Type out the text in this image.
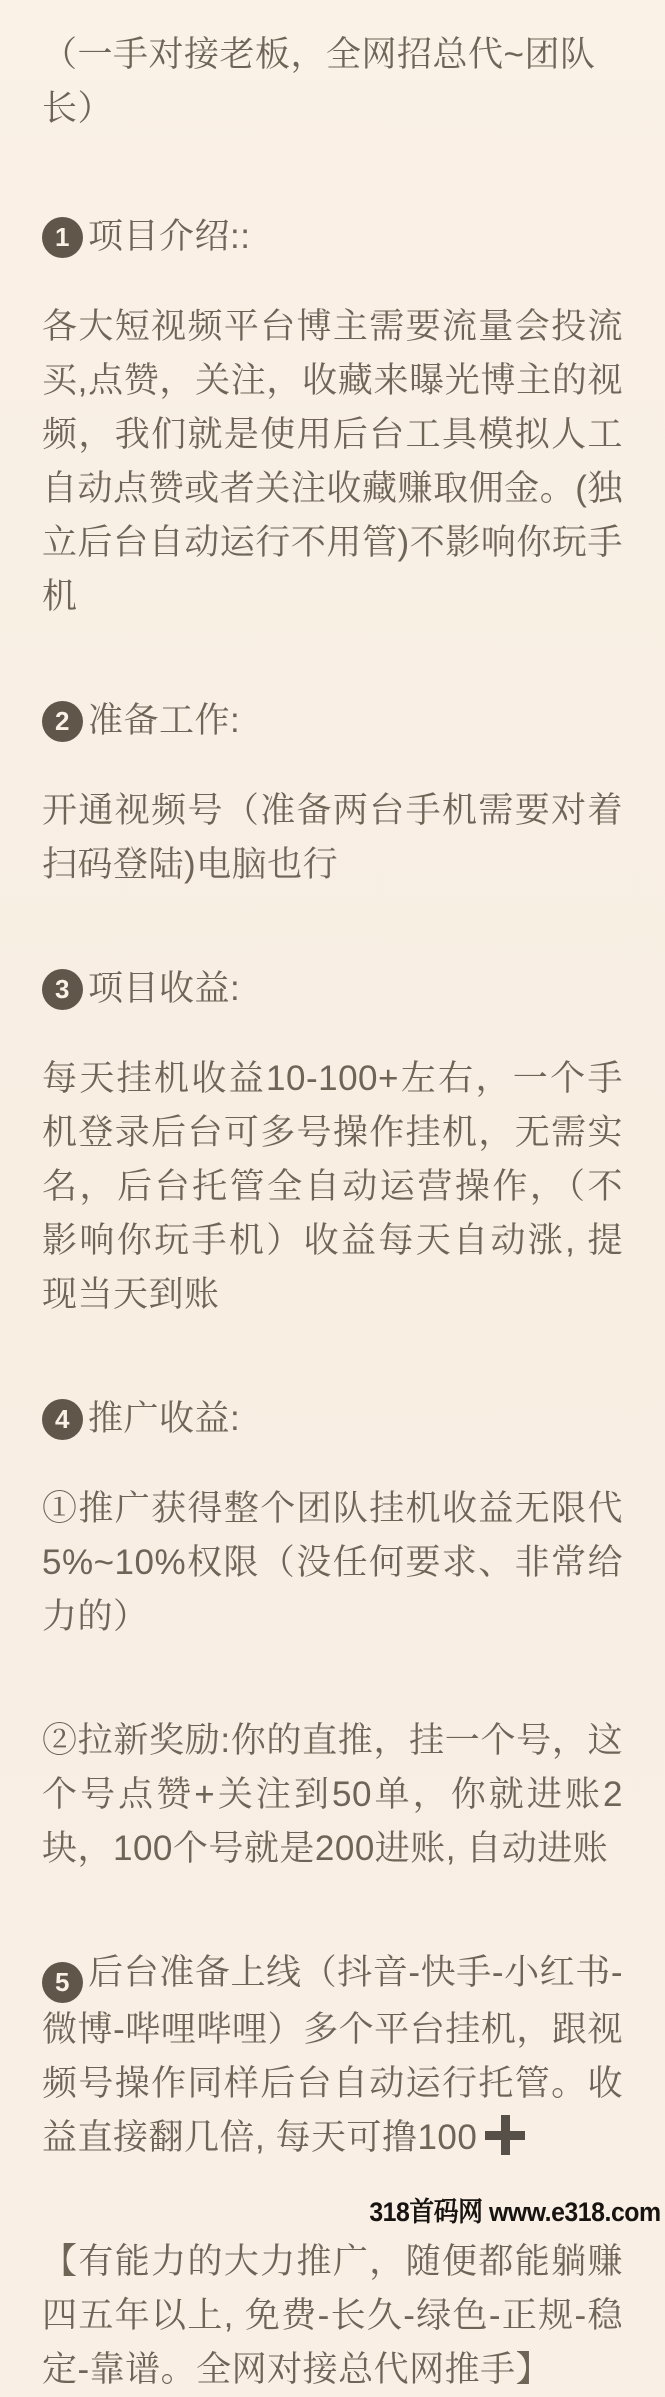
（一手对接老板，全网招总代~团队长）

1 项目介绍::

各大短视频平台博主需要流量会投流买,点赞，关注，收藏来曝光博主的视频，我们就是使用后台工具模拟人工自动点赞或者关注收藏赚取佣金。(独立后台自动运行不用管)不影响你玩手机

2 准备工作:

开通视频号（准备两台手机需要对着扫码登陆)电脑也行

3 项目收益:

每天挂机收益10-100+左右，一个手机登录后台可多号操作挂机，无需实名，后台托管全自动运营操作，（不影响你玩手机）收益每天自动涨, 提现当天到账

4 推广收益:

①推广获得整个团队挂机收益无限代5%~10%权限（没任何要求、非常给力的）

②拉新奖励:你的直推，挂一个号，这个号点赞+关注到50单，你就进账2块，100个号就是200进账, 自动进账

5 后台准备上线（抖音-快手-小红书-微博-哔哩哔哩）多个平台挂机，跟视频号操作同样后台自动运行托管。收益直接翻几倍, 每天可撸100

【有能力的大力推广，随便都能躺赚四五年以上, 免费-长久-绿色-正规-稳定-靠谱。全网对接总代网推手】

318首码网 www.e318.com
